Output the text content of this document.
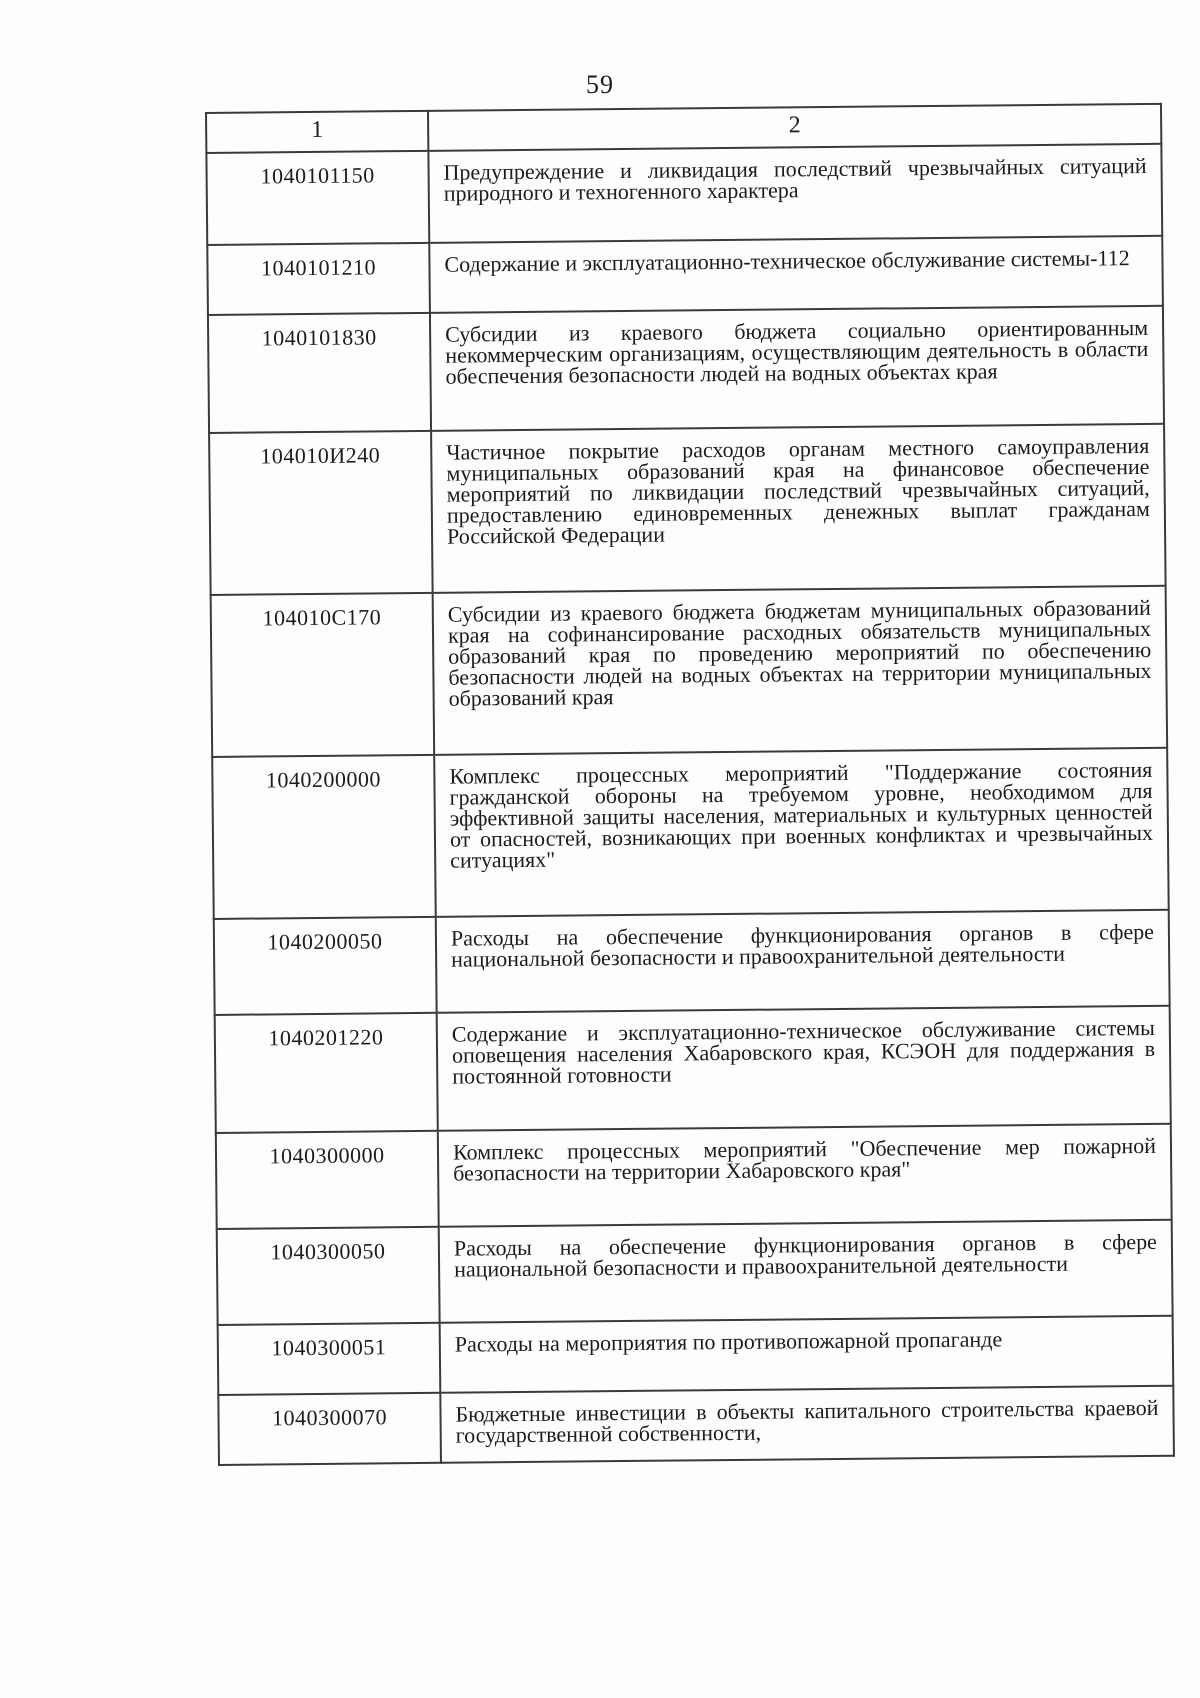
59
1	2
1040101150	Предупреждение и ликвидация последствий чрезвычайных ситуаций природного и техногенного характера
1040101210	Содержание и эксплуатационно-техническое обслуживание системы-112
1040101830	Субсидии из краевого бюджета социально ориентированным некоммерческим организациям, осуществляющим деятельность в области обеспечения безопасности людей на водных объектах края
104010И240	Частичное покрытие расходов органам местного самоуправления муниципальных образований края на финансовое обеспечение мероприятий по ликвидации последствий чрезвычайных ситуаций, предоставлению единовременных денежных выплат гражданам Российской Федерации
104010С170	Субсидии из краевого бюджета бюджетам муниципальных образований края на софинансирование расходных обязательств муниципальных образований края по проведению мероприятий по обеспечению безопасности людей на водных объектах на территории муниципальных образований края
1040200000	Комплекс процессных мероприятий "Поддержание состояния гражданской обороны на требуемом уровне, необходимом для эффективной защиты населения, материальных и культурных ценностей от опасностей, возникающих при военных конфликтах и чрезвычайных ситуациях"
1040200050	Расходы на обеспечение функционирования органов в сфере национальной безопасности и правоохранительной деятельности
1040201220	Содержание и эксплуатационно-техническое обслуживание системы оповещения населения Хабаровского края, КСЭОН для поддержания в постоянной готовности
1040300000	Комплекс процессных мероприятий "Обеспечение мер пожарной безопасности на территории Хабаровского края"
1040300050	Расходы на обеспечение функционирования органов в сфере национальной безопасности и правоохранительной деятельности
1040300051	Расходы на мероприятия по противопожарной пропаганде
1040300070	Бюджетные инвестиции в объекты капитального строительства краевой государственной собственности,
